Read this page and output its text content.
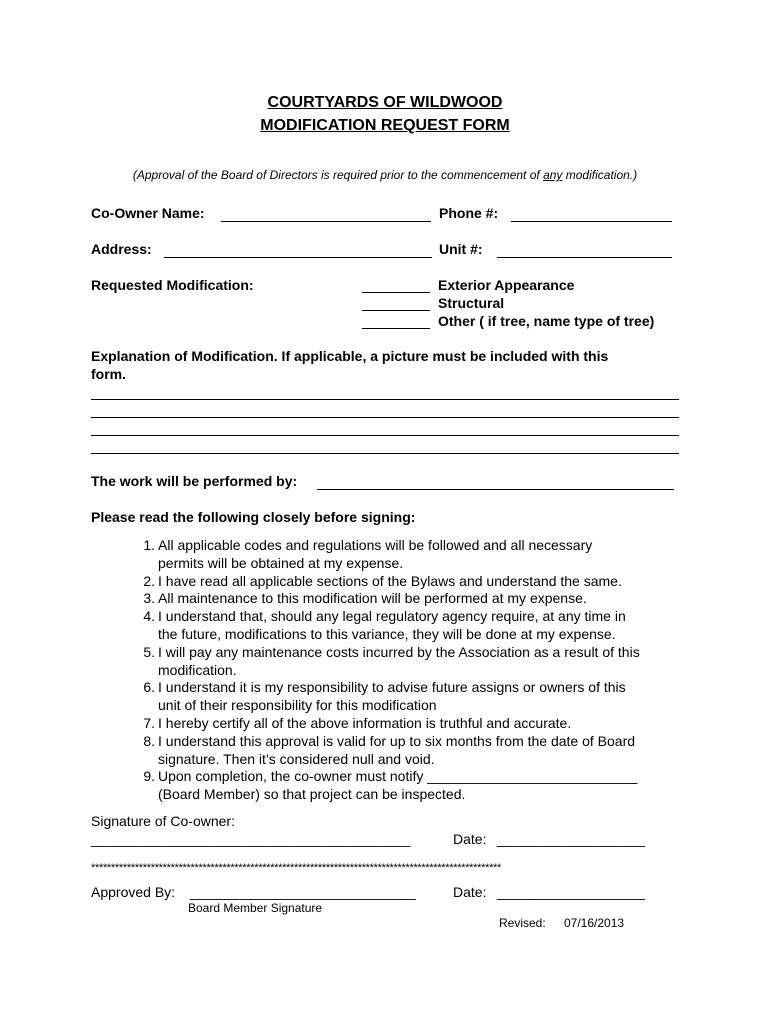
COURTYARDS OF WILDWOOD
MODIFICATION REQUEST FORM
(Approval of the Board of Directors is required prior to the commencement of any modification.)
Co-Owner Name:	Phone #:
Address:	Unit #:
Requested Modification:	Exterior Appearance
Structural
Other ( if tree, name type of tree)
Explanation of Modification. If applicable, a picture must be included with this
form.
The work will be performed by:
Please read the following closely before signing:
1. All applicable codes and regulations will be followed and all necessary
permits will be obtained at my expense.
2. I have read all applicable sections of the Bylaws and understand the same.
3. All maintenance to this modification will be performed at my expense.
4. I understand that, should any legal regulatory agency require, at any time in
the future, modifications to this variance, they will be done at my expense.
5. I will pay any maintenance costs incurred by the Association as a result of this
modification.
6. I understand it is my responsibility to advise future assigns or owners of this
unit of their responsibility for this modification
7. I hereby certify all of the above information is truthful and accurate.
8. I understand this approval is valid for up to six months from the date of Board
signature. Then it’s considered null and void.
9. Upon completion, the co-owner must notify ___________________________
(Board Member) so that project can be inspected.
Signature of Co-owner:
_________________________________________	Date: ___________________
*******************************************************************************************************
Approved By: _____________________________	Date: ___________________
Board Member Signature
Revised: 07/16/2013
